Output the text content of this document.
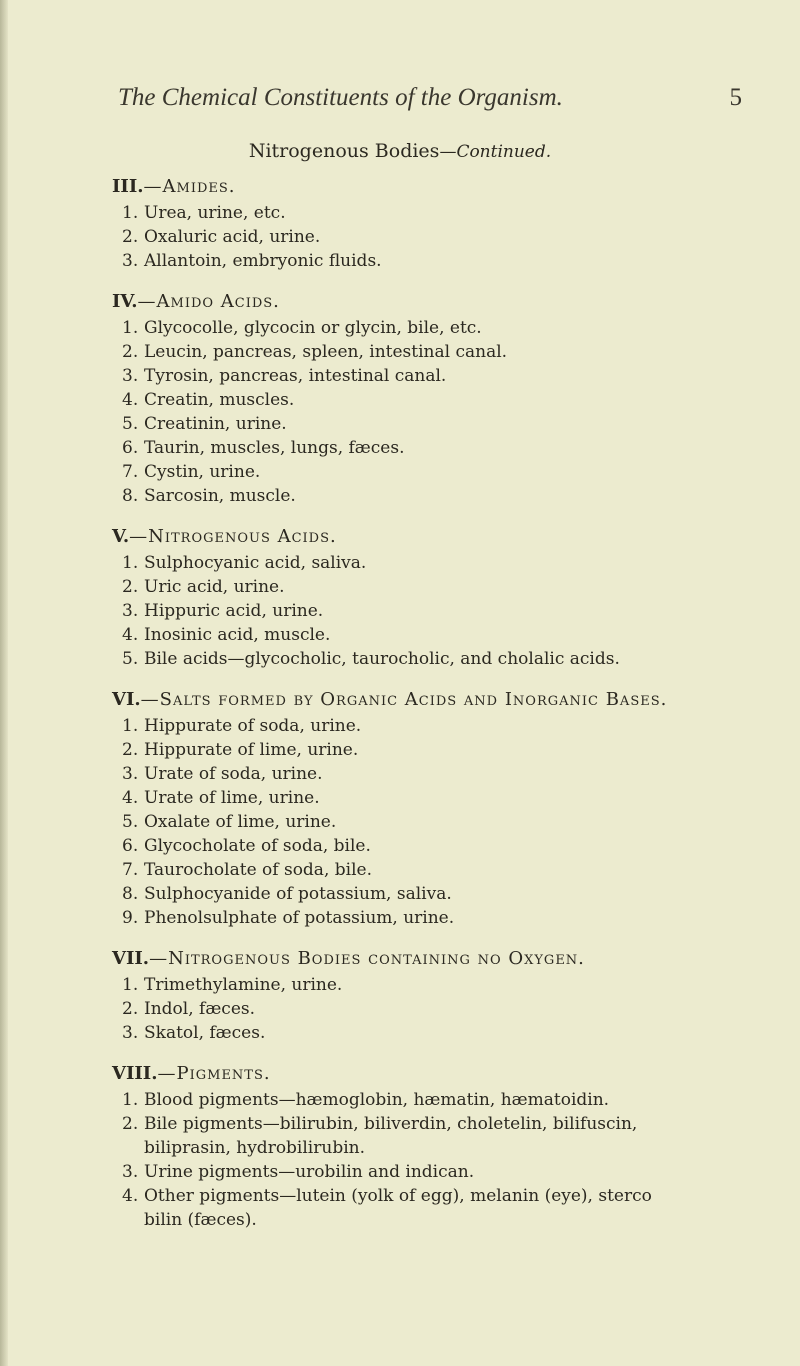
The Chemical Constituents of the Organism.	5
Nitrogenous Bodies—Continued.
III.—Amides.
1. Urea, urine, etc.
2. Oxaluric acid, urine.
3. Allantoin, embryonic fluids.
IV.—Amido Acids.
1. Glycocolle, glycocin or glycin, bile, etc.
2. Leucin, pancreas, spleen, intestinal canal.
3. Tyrosin, pancreas, intestinal canal.
4. Creatin, muscles.
5. Creatinin, urine.
6. Taurin, muscles, lungs, fæces.
7. Cystin, urine.
8. Sarcosin, muscle.
V.—Nitrogenous Acids.
1. Sulphocyanic acid, saliva.
2. Uric acid, urine.
3. Hippuric acid, urine.
4. Inosinic acid, muscle.
5. Bile acids—glycocholic, taurocholic, and cholalic acids.
VI.—Salts formed by Organic Acids and Inorganic Bases.
1. Hippurate of soda, urine.
2. Hippurate of lime, urine.
3. Urate of soda, urine.
4. Urate of lime, urine.
5. Oxalate of lime, urine.
6. Glycocholate of soda, bile.
7. Taurocholate of soda, bile.
8. Sulphocyanide of potassium, saliva.
9. Phenolsulphate of potassium, urine.
VII.—Nitrogenous Bodies containing no Oxygen.
1. Trimethylamine, urine.
2. Indol, fæces.
3. Skatol, fæces.
VIII.—Pigments.
1. Blood pigments—hæmoglobin, hæmatin, hæmatoidin.
2. Bile pigments—bilirubin, biliverdin, choletelin, bilifuscin,
biliprasin, hydrobilirubin.
3. Urine pigments—urobilin and indican.
4. Other pigments—lutein (yolk of egg), melanin (eye), sterco
bilin (fæces).
